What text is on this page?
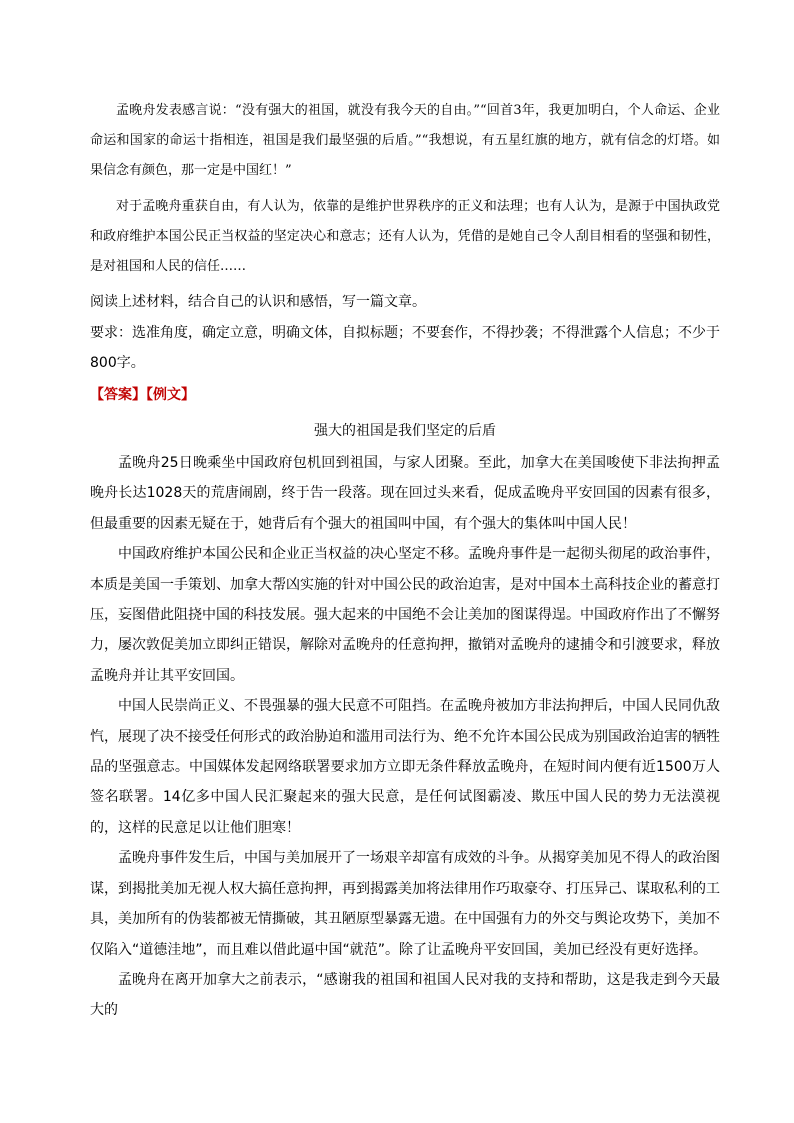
孟晚舟发表感言说：“没有强大的祖国，就没有我今天的自由。”“回首3年，我更加明白，个人命运、企业命运和国家的命运十指相连，祖国是我们最坚强的后盾。”“我想说，有五星红旗的地方，就有信念的灯塔。如果信念有颜色，那一定是中国红！”

对于孟晚舟重获自由，有人认为，依靠的是维护世界秩序的正义和法理；也有人认为，是源于中国执政党和政府维护本国公民正当权益的坚定决心和意志；还有人认为，凭借的是她自己令人刮目相看的坚强和韧性，是对祖国和人民的信任……

阅读上述材料，结合自己的认识和感悟，写一篇文章。

要求：选准角度，确定立意，明确文体，自拟标题；不要套作，不得抄袭；不得泄露个人信息；不少于800字。

【答案】【例文】

强大的祖国是我们坚定的后盾

孟晚舟25日晚乘坐中国政府包机回到祖国，与家人团聚。至此，加拿大在美国唆使下非法拘押孟晚舟长达1028天的荒唐闹剧，终于告一段落。现在回过头来看，促成孟晚舟平安回国的因素有很多，但最重要的因素无疑在于，她背后有个强大的祖国叫中国，有个强大的集体叫中国人民！

中国政府维护本国公民和企业正当权益的决心坚定不移。孟晚舟事件是一起彻头彻尾的政治事件，本质是美国一手策划、加拿大帮凶实施的针对中国公民的政治迫害，是对中国本土高科技企业的蓄意打压，妄图借此阻挠中国的科技发展。强大起来的中国绝不会让美加的图谋得逞。中国政府作出了不懈努力，屡次敦促美加立即纠正错误，解除对孟晚舟的任意拘押，撤销对孟晚舟的逮捕令和引渡要求，释放孟晚舟并让其平安回国。

中国人民崇尚正义、不畏强暴的强大民意不可阻挡。在孟晚舟被加方非法拘押后，中国人民同仇敌忾，展现了决不接受任何形式的政治胁迫和滥用司法行为、绝不允许本国公民成为别国政治迫害的牺牲品的坚强意志。中国媒体发起网络联署要求加方立即无条件释放孟晚舟，在短时间内便有近1500万人签名联署。14亿多中国人民汇聚起来的强大民意，是任何试图霸凌、欺压中国人民的势力无法漠视的，这样的民意足以让他们胆寒！

孟晚舟事件发生后，中国与美加展开了一场艰辛却富有成效的斗争。从揭穿美加见不得人的政治图谋，到揭批美加无视人权大搞任意拘押，再到揭露美加将法律用作巧取豪夺、打压异己、谋取私利的工具，美加所有的伪装都被无情撕破，其丑陋原型暴露无遗。在中国强有力的外交与舆论攻势下，美加不仅陷入“道德洼地”，而且难以借此逼中国“就范”。除了让孟晚舟平安回国，美加已经没有更好选择。

孟晚舟在离开加拿大之前表示，“感谢我的祖国和祖国人民对我的支持和帮助，这是我走到今天最大的
